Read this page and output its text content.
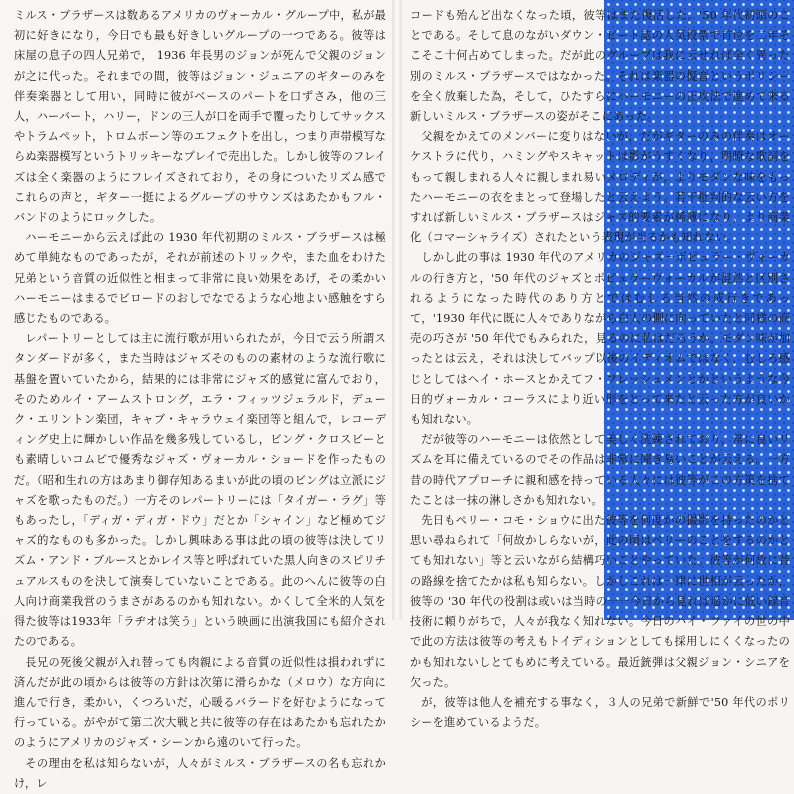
ミルス・ブラザースは数あるアメリカのヴォーカル・グループ中，私が最初に好きになり，今日でも最も好きしいグループの一つである。彼等は床屋の息子の四人兄弟で， 1936 年長男のジョンが死んで父親のジョンが之に代った。それまでの間，彼等はジョン・ジュニアのギターのみを伴奏楽器として用い，同時に彼がベースのパートを口ずさみ，他の三人，ハーバート，ハリー，ドンの三人が口を両手で覆ったりしてサックスやトラムペット，トロムボーン等のエフェクトを出し，つまり声帯模写ならぬ楽器模写というトリッキーなプレイで売出した。しかし彼等のフレイズは全く楽器のようにフレイズされており，その身についたリズム感でこれらの声と，ギター一挺によるグループのサウンズはあたかもフル・バンドのようにロックした。

ハーモニーから云えば此の 1930 年代初期のミルス・ブラザースは極めて単純なものであったが，それが前述のトリックや，また血をわけた兄弟という音質の近似性と相まって非常に良い効果をあげ，その柔かいハーモニーはまるでビロードのおしでなでるような心地よい感触をすら感じたものである。

レパートリーとしては主に流行歌が用いられたが，今日で云う所謂スタンダードが多く，また当時はジャズそのものの素材のような流行歌に基盤を置いていたから，結果的には非常にジャズ的感覚に富んでおり，そのためルイ・アームストロング，エラ・フィッツジェラルド，デューク・エリントン楽団，キャブ・キャラウェイ楽団等と組んで，レコーディング史上に輝かしい作品を幾多残しているし，ビング・クロスビーとも素晴しいコムビで優秀なジャズ・ヴォーカル・ショードを作ったものだ。（昭和生れの方はあまり御存知あるまいが此の頃のビングは立派にジャズを歌ったものだ。）一方そのレパートリーには「タイガー・ラグ」等もあったし，「ディガ・ディガ・ドウ」だとか「シャイン」など極めてジャズ的なものも多かった。しかし興味ある事は此の頃の彼等は決してリズム・アンド・ブルースとかレイス等と呼ばれていた黒人向きのスピリチュアルスものを決して演奏していないことである。此のへんに彼等の白人向け商業我営のうまさがあるのかも知れない。かくして全米的人気を得た彼等は1933年「ラヂオは笑う」という映画に出演我国にも紹介されたのである。

長兄の死後父親が入れ替っても肉親による音質の近似性は損われずに済んだが此の頃からは彼等の方針は次第に滑らかな（メロウ）な方向に進んで行き，柔かい，くつろいだ，心暖るバラードを好むようになって行っている。がやがて第二次大戦と共に彼等の存在はあたかも忘れたかのようにアメリカのジャズ・シーンから遠のいて行った。

その理由を私は知らないが，人々がミルス・ブラザースの名も忘れかけ，レ

コードも殆んど出なくなった頃，彼等はまた復活した。'50 年代初頭のことである。そして息のながいダウン・ビート誌の人気投票で首位を二年そこそこ十何占めてしまった。だが此のグループは我に云せれば全く異った別のミルス・ブラザースではなかった。それは楽器の擬音というポリシーを全く放棄した為，そして，ひたすらにハーモニーの正攻法で進めて来る新しいミルス・ブラザースの姿がそこにあった。

父親をかえてのメンバーに変りはないが，だがギターのみの伴奏はオーケストラに代り，ハミングやスキャットは影がうすくなり，明瞭な歌詞をもって親しまれる人々に親しまれ易いメロディが，よりモダンな味をもったハーモニーの衣をまとって登場したと云えよう。若干批判的な云い方をすれば新しいミルス・ブラザースはジャズ的要素が稀薄になり，より商業化（コマーシャライズ）されたという表現が当るかも知れない。

しかし此の事は 1930 年代のアメリカのジャズ－ポピュラー・ヴォーカルの行き方と，'50 年代のジャズとポピュラーヴォーカルが混然と区別されるようになった時代のあり方とではむしろ当然の成行きであって，'1930 年代に既に人々でありながら白人の側に向っていたと同様の商売の巧さが '50 年代でもみられた，見るのに私はだろうか。モダン味が加ったとは云え，それは決してバップ以後のイディオムではなく，むしろ感じとしてはヘイ・ホースとかえてフ・フレッシュメンとかというような今日的ヴォーカル・コーラスにより近い形をとって来たと云った方が良いかも知れない。

だが彼等のハーモニーは依然として美しく洗練されており，常に良いリズムを耳に備えているのでその作品は非常に聞き易いことが云える。一方昔の時代アプローチに親和感を持っている人々には彼等がこの方策を捨てたことは一抹の淋しさかも知れない。

先日もペリー・コモ・ショウに出た彼等を何度かの撮影を持ったのかと思い尋ねられて「何故かしらないが，此の頃はペリーのことをするのかとても知れない」等と云いながら結構巧いことやっていた。彼等が何故に昔の路線を捨てたかは私も知らない。しかしこれは一律に世相が云ったか，彼等の '30 年代の役割は或いは当時の一一今日から見れば遥かに低い録音技術に頼りがちで，人々が我なく知れない。今日のハイ・ファイの世の中で此の方法は彼等の考えもトイディションとしても採用しにくくなったのかも知れないしとてもめに考えている。最近銃弾は父親ジョン・シニアを欠った。

が，彼等は他人を補充する事なく，３人の兄弟で新鮮で'50 年代のポリシーを進めているようだ。
